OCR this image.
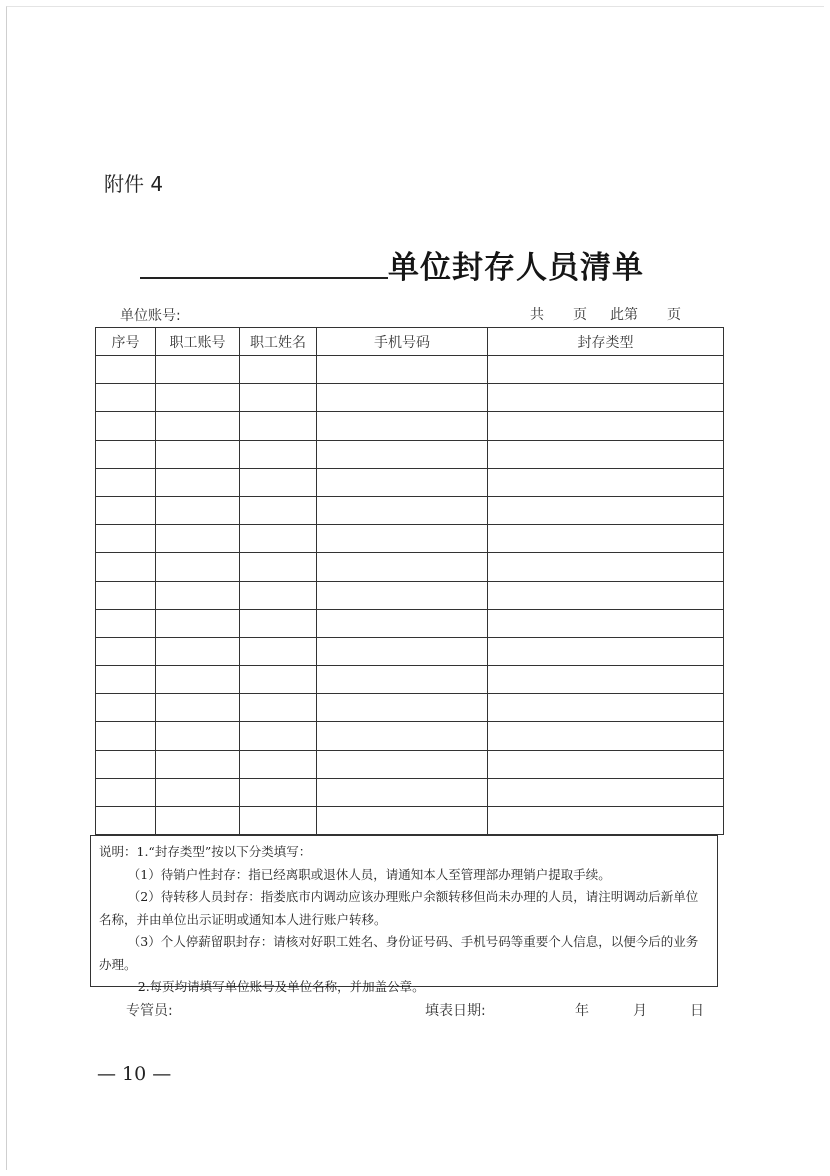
附件 4
单位封存人员清单
单位账号:	共 页 此第 页
序号	职工账号	职工姓名	手机号码	封存类型

说明：1.“封存类型”按以下分类填写：

（1）待销户性封存：指已经离职或退休人员，请通知本人至管理部办理销户提取手续。

（2）待转移人员封存：指娄底市内调动应该办理账户余额转移但尚未办理的人员，请注明调动后新单位名称，并由单位出示证明或通知本人进行账户转移。

（3）个人停薪留职封存：请核对好职工姓名、身份证号码、手机号码等重要个人信息，以便今后的业务办理。

2.每页均请填写单位账号及单位名称，并加盖公章。

专管员:	填表日期:	年	月	日
— 10 —
